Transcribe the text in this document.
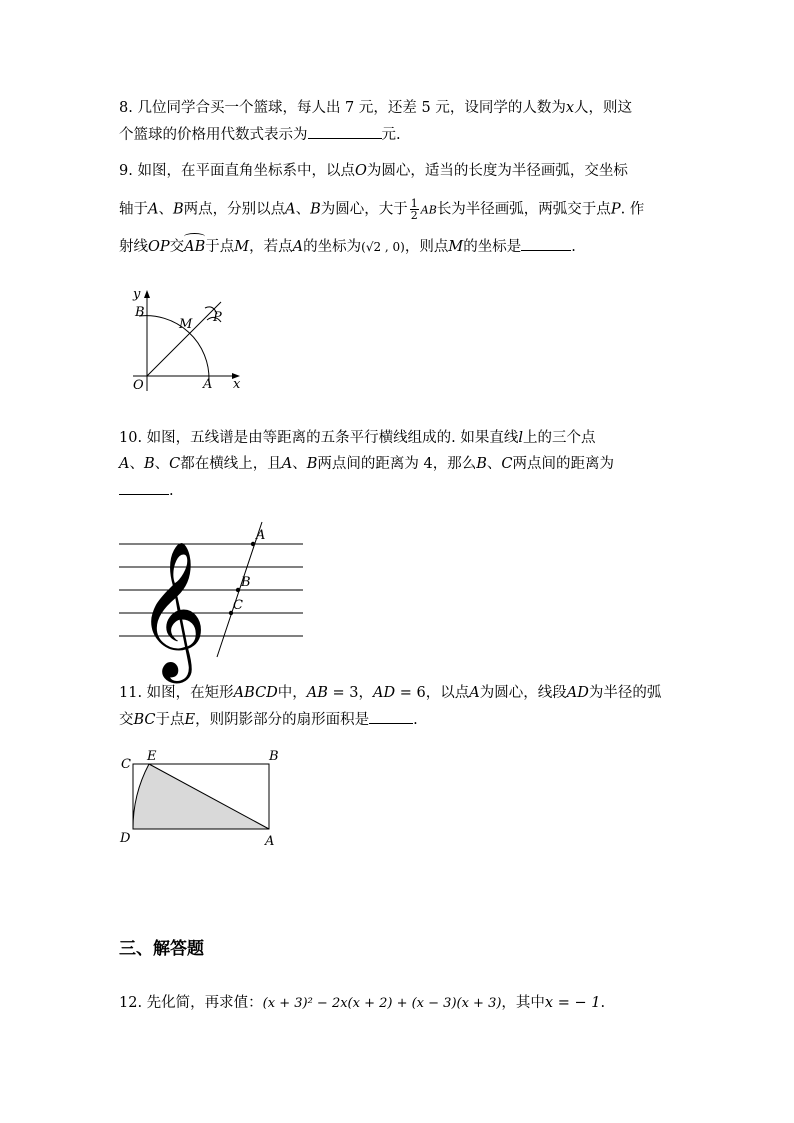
8. 几位同学合买一个篮球，每人出 7 元，还差 5 元，设同学的人数为x人，则这
个篮球的价格用代数式表示为	元.
9. 如图，在平面直角坐标系中，以点O为圆心，适当的长度为半径画弧，交坐标
轴于A、B两点，分别以点A、B为圆心，大于 $\frac{1}{2}$ AB长为半径画弧，两弧交于点P. 作
射线OP交
AB于点M，若点A的坐标为(√2 , 0)，则点M的坐标是	.
y
x
O	A
B
M P
10. 如图，五线谱是由等距离的五条平行横线组成的. 如果直线l上的三个点
A、B、C都在横线上，且A、B两点间的距离为 4，那么B、C两点间的距离为
.
A
B
C
𝄞
11. 如图，在矩形ABCD中，AB = 3，AD = 6，以点A为圆心，线段AD为半径的弧
交BC于点E，则阴影部分的扇形面积是	.
C
E	B
D	A
三、解答题
12. 先化简，再求值：(x + 3)² − 2x(x + 2) + (x − 3)(x + 3)，其中x = − 1.
